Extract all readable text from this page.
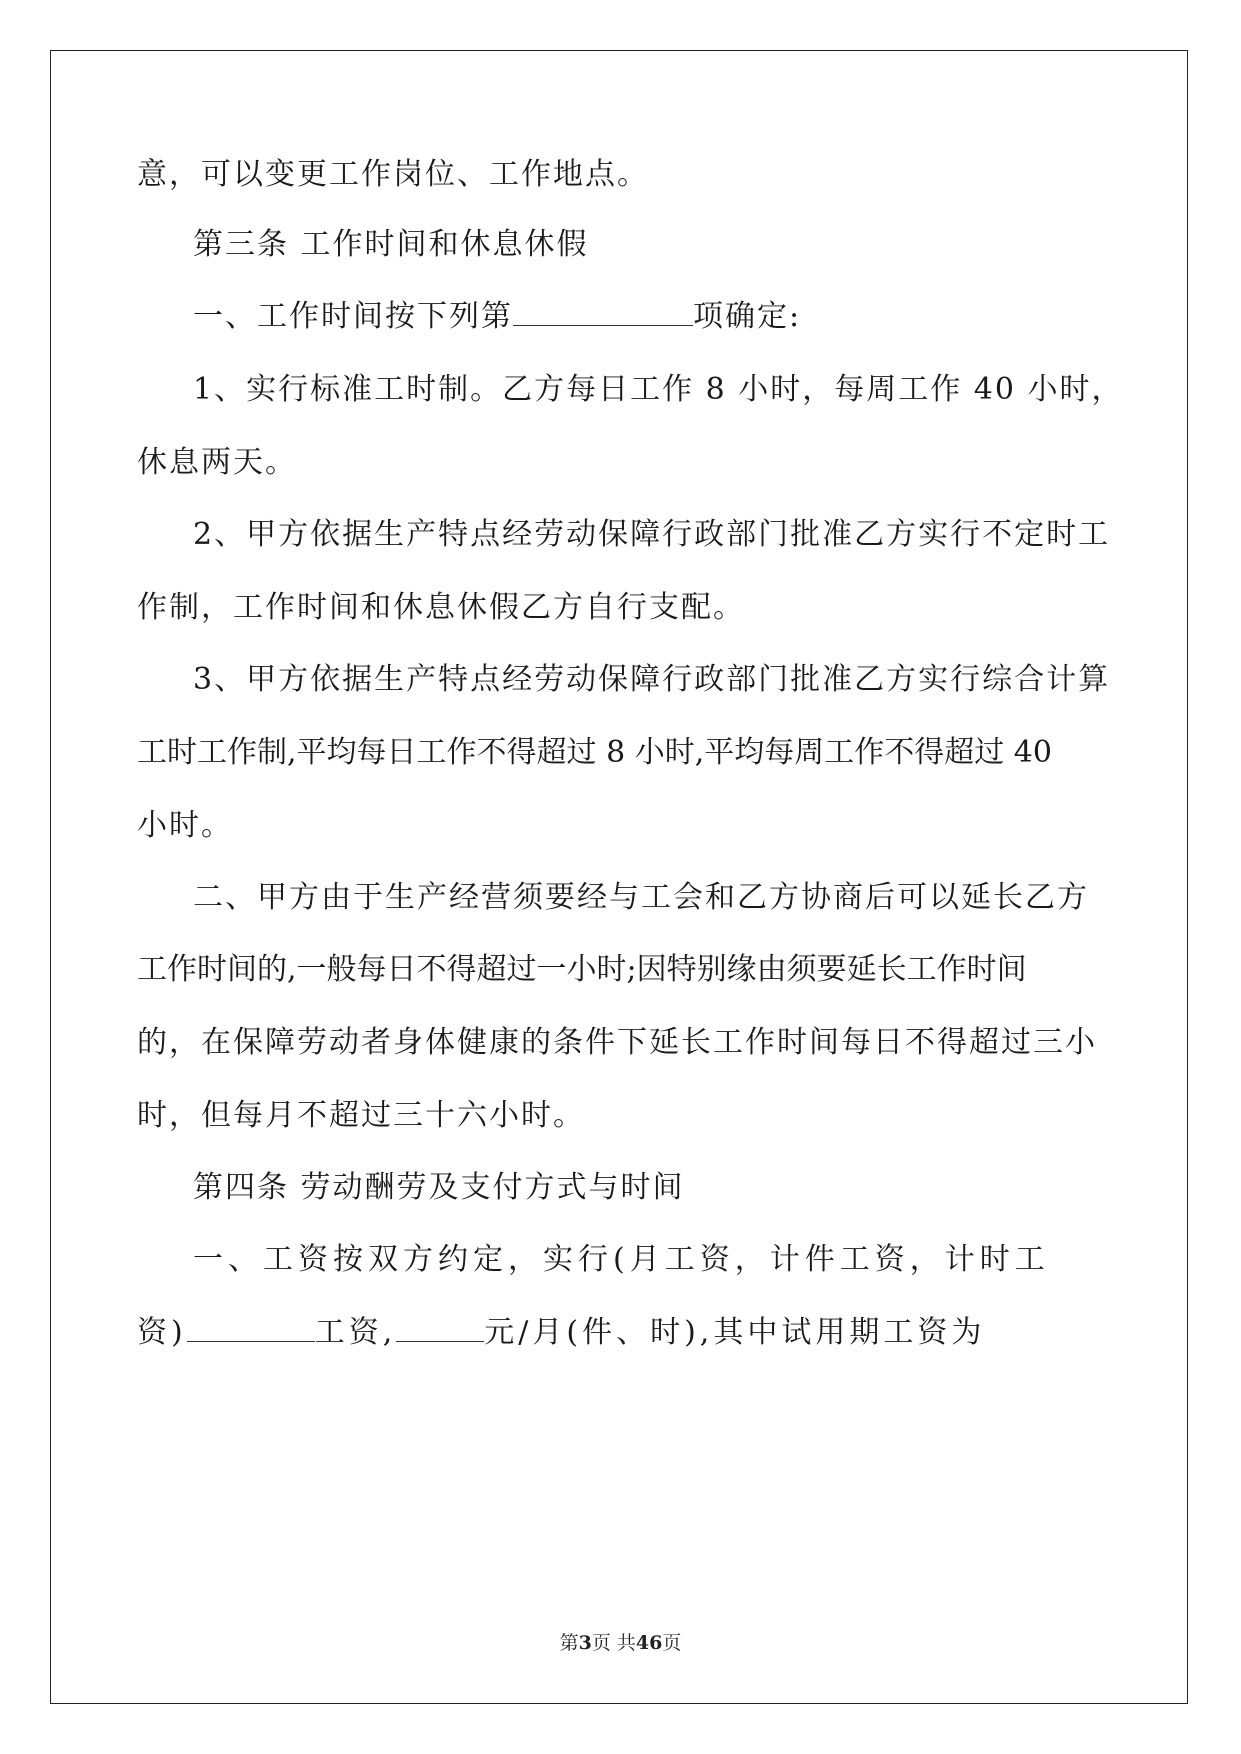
意，可以变更工作岗位、工作地点。
第三条 工作时间和休息休假
一、工作时间按下列第	项确定:
1、实行标准工时制。乙方每日工作 8 小时，每周工作 40 小时，
休息两天。
2、甲方依据生产特点经劳动保障行政部门批准乙方实行不定时工
作制，工作时间和休息休假乙方自行支配。
3、甲方依据生产特点经劳动保障行政部门批准乙方实行综合计算
工时工作制,平均每日工作不得超过 8 小时,平均每周工作不得超过 40
小时。
二、甲方由于生产经营须要经与工会和乙方协商后可以延长乙方
工作时间的,一般每日不得超过一小时;因特别缘由须要延长工作时间
的，在保障劳动者身体健康的条件下延长工作时间每日不得超过三小
时，但每月不超过三十六小时。
第四条 劳动酬劳及支付方式与时间
一、工资按双方约定，实行(月工资，计件工资，计时工
资)	工资,	元/月(件、时),其中试用期工资为
第3页 共46页
